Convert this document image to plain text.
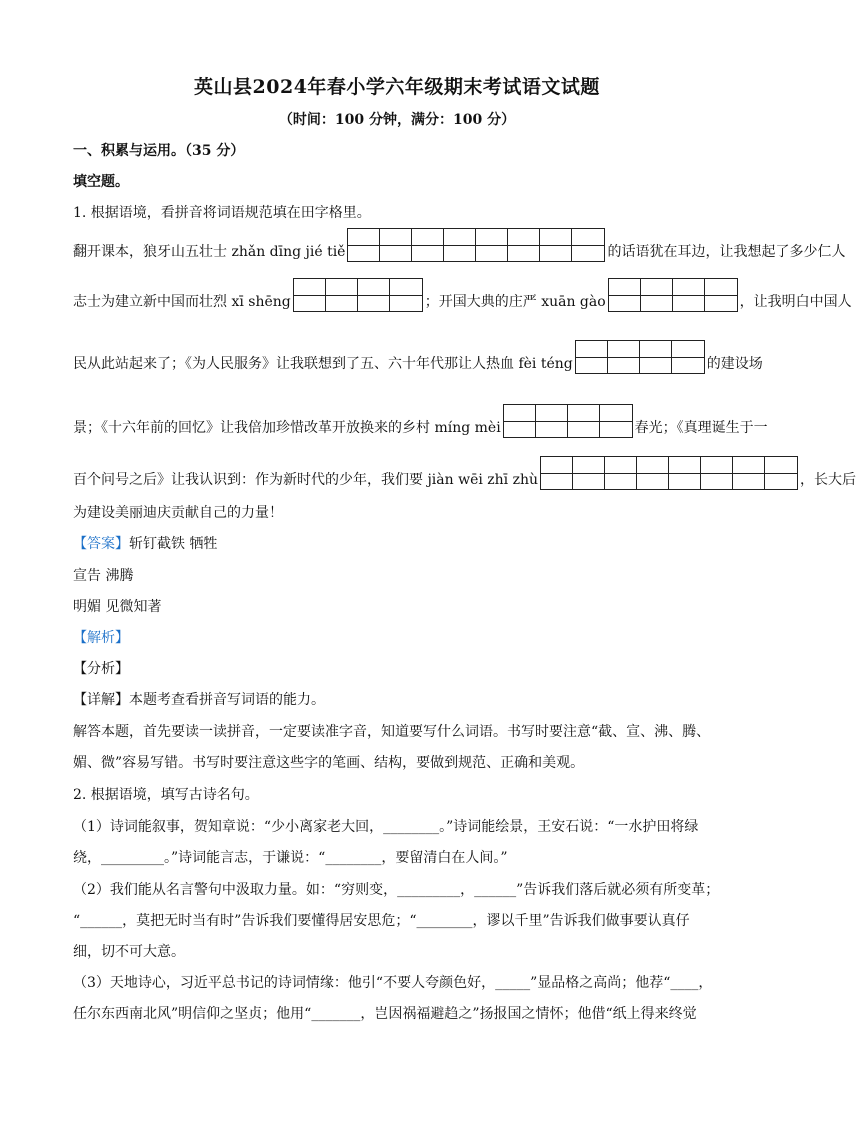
英山县2024年春小学六年级期末考试语文试题
（时间：100 分钟，满分：100 分）
一、积累与运用。（35 分）
填空题。
1. 根据语境，看拼音将词语规范填在田字格里。
翻开课本，狼牙山五壮士 zhǎn dīng jié tiě	的话语犹在耳边，让我想起了多少仁人
志士为建立新中国而壮烈 xī shēng	；开国大典的庄严 xuān gào	，让我明白中国人
民从此站起来了；《为人民服务》让我联想到了五、六十年代那让人热血 fèi téng	的建设场
景；《十六年前的回忆》让我倍加珍惜改革开放换来的乡村 míng mèi	春光；《真理诞生于一
百个问号之后》让我认识到：作为新时代的少年，我们要 jiàn wēi zhī zhù	，长大后
为建设美丽迪庆贡献自己的力量！
【答案】斩钉截铁 牺牲
宣告 沸腾
明媚 见微知著
【解析】
【分析】
【详解】本题考查看拼音写词语的能力。
解答本题，首先要读一读拼音，一定要读准字音，知道要写什么词语。书写时要注意“截、宣、沸、腾、
媚、微”容易写错。书写时要注意这些字的笔画、结构，要做到规范、正确和美观。
2. 根据语境，填写古诗名句。
（1）诗词能叙事，贺知章说：“少小离家老大回，________。”诗词能绘景，王安石说：“一水护田将绿
绕，_________。”诗词能言志，于谦说：“________，要留清白在人间。”
（2）我们能从名言警句中汲取力量。如：“穷则变，_________，______”告诉我们落后就必须有所变革；
“______，莫把无时当有时”告诉我们要懂得居安思危；“________，谬以千里”告诉我们做事要认真仔
细，切不可大意。
（3）天地诗心，习近平总书记的诗词情缘：他引“不要人夸颜色好，_____”显品格之高尚；他荐“____，
任尔东西南北风”明信仰之坚贞；他用“_______，岂因祸福避趋之”扬报国之情怀；他借“纸上得来终觉
